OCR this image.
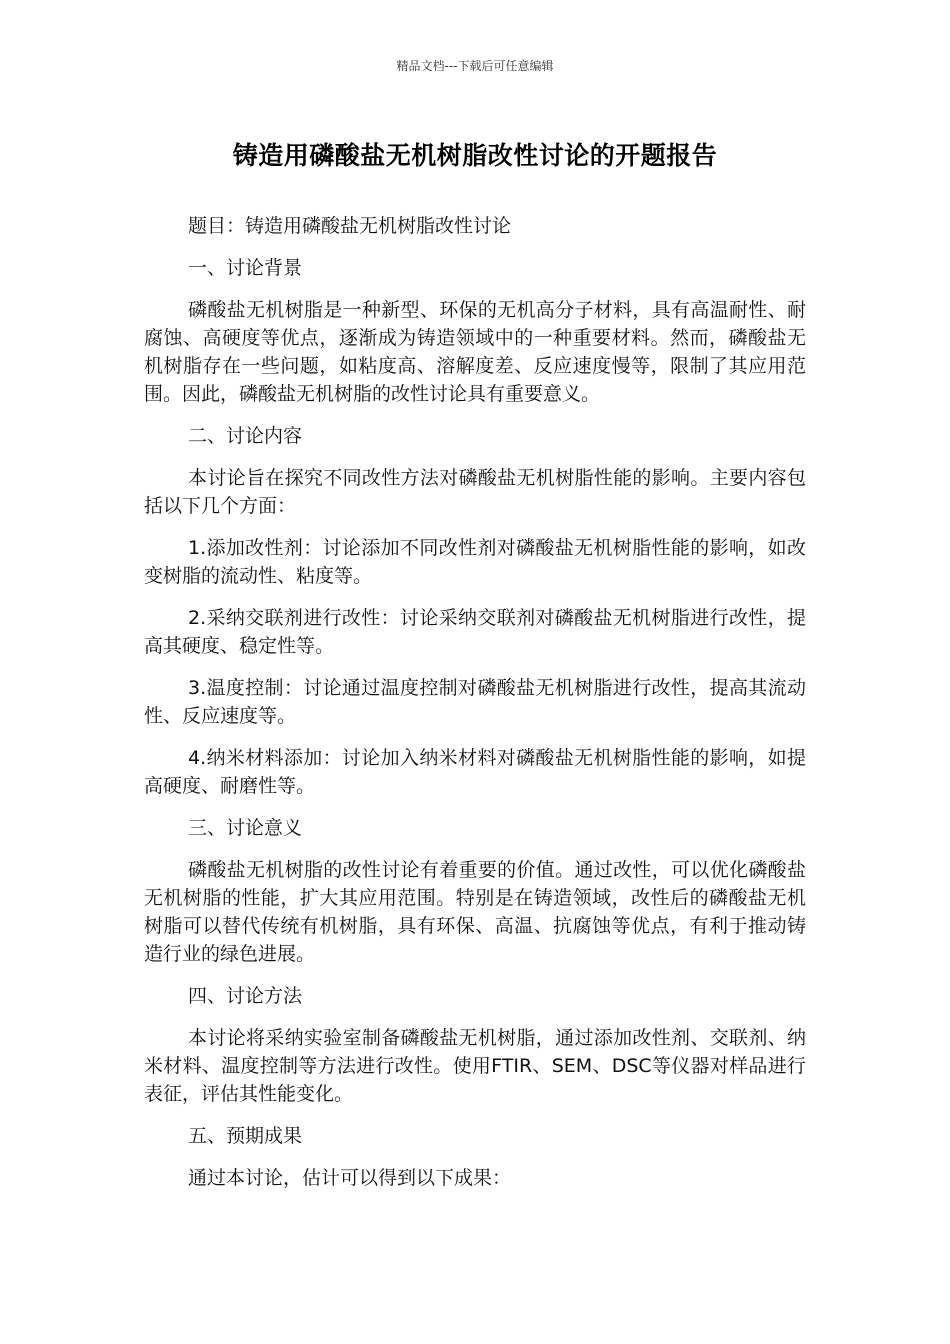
精品文档---下载后可任意编辑
铸造用磷酸盐无机树脂改性讨论的开题报告

题目：铸造用磷酸盐无机树脂改性讨论

一、讨论背景

磷酸盐无机树脂是一种新型、环保的无机高分子材料，具有高温耐性、耐腐蚀、高硬度等优点，逐渐成为铸造领域中的一种重要材料。然而，磷酸盐无机树脂存在一些问题，如粘度高、溶解度差、反应速度慢等，限制了其应用范围。因此，磷酸盐无机树脂的改性讨论具有重要意义。

二、讨论内容

本讨论旨在探究不同改性方法对磷酸盐无机树脂性能的影响。主要内容包括以下几个方面：

1.添加改性剂：讨论添加不同改性剂对磷酸盐无机树脂性能的影响，如改变树脂的流动性、粘度等。

2.采纳交联剂进行改性：讨论采纳交联剂对磷酸盐无机树脂进行改性，提高其硬度、稳定性等。

3.温度控制：讨论通过温度控制对磷酸盐无机树脂进行改性，提高其流动性、反应速度等。

4.纳米材料添加：讨论加入纳米材料对磷酸盐无机树脂性能的影响，如提高硬度、耐磨性等。

三、讨论意义

磷酸盐无机树脂的改性讨论有着重要的价值。通过改性，可以优化磷酸盐无机树脂的性能，扩大其应用范围。特别是在铸造领域，改性后的磷酸盐无机树脂可以替代传统有机树脂，具有环保、高温、抗腐蚀等优点，有利于推动铸造行业的绿色进展。

四、讨论方法

本讨论将采纳实验室制备磷酸盐无机树脂，通过添加改性剂、交联剂、纳米材料、温度控制等方法进行改性。使用FTIR、SEM、DSC等仪器对样品进行表征，评估其性能变化。

五、预期成果

通过本讨论，估计可以得到以下成果：
